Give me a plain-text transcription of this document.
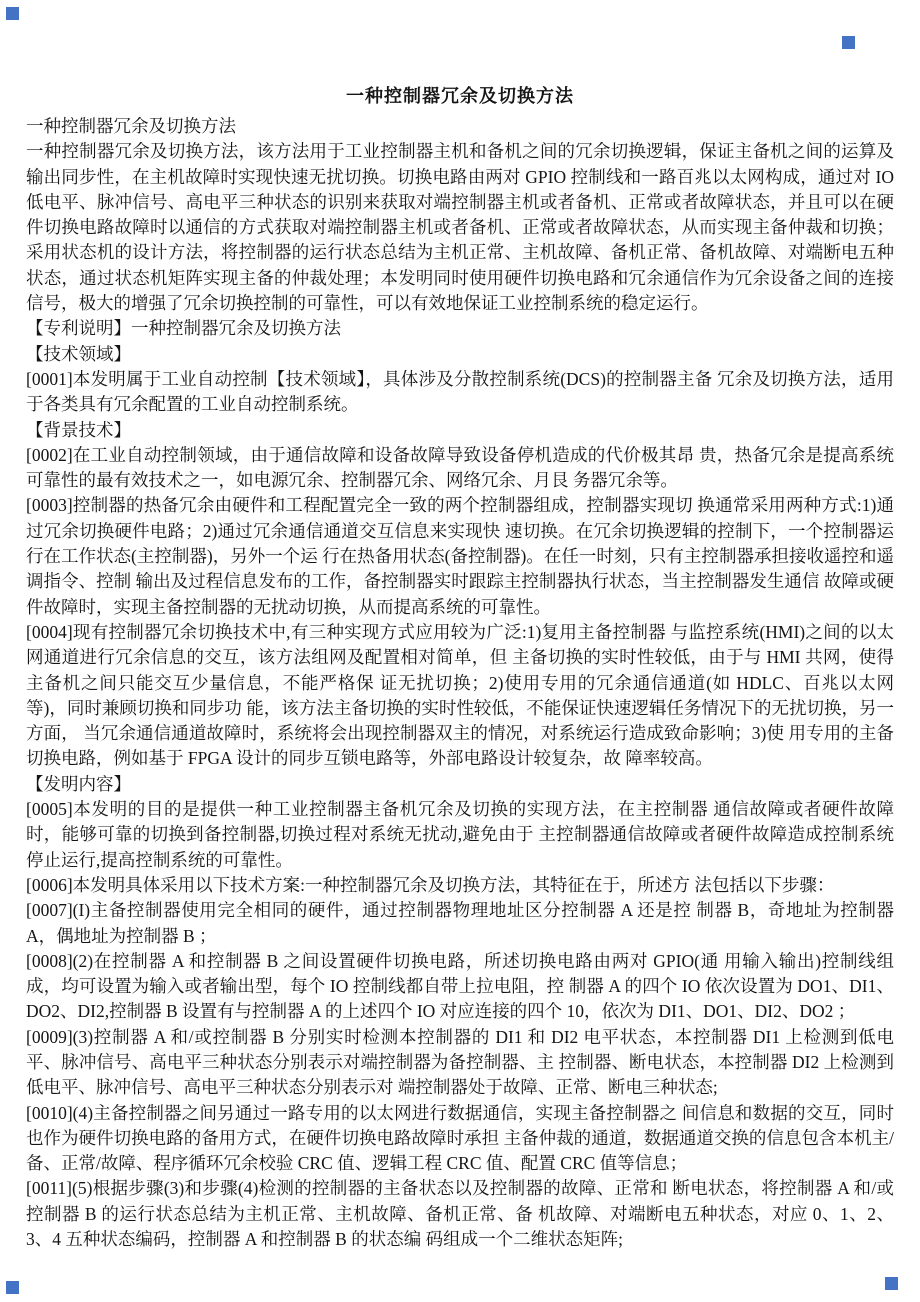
一种控制器冗余及切换方法

一种控制器冗余及切换方法

一种控制器冗余及切换方法，该方法用于工业控制器主机和备机之间的冗余切换逻辑，保证主备机之间的运算及输出同步性，在主机故障时实现快速无扰切换。切换电路由两对 GPIO 控制线和一路百兆以太网构成，通过对 IO 低电平、脉冲信号、高电平三种状态的识别来获取对端控制器主机或者备机、正常或者故障状态，并且可以在硬件切换电路故障时以通信的方式获取对端控制器主机或者备机、正常或者故障状态，从而实现主备仲裁和切换；采用状态机的设计方法，将控制器的运行状态总结为主机正常、主机故障、备机正常、备机故障、对端断电五种状态，通过状态机矩阵实现主备的仲裁处理；本发明同时使用硬件切换电路和冗余通信作为冗余设备之间的连接信号，极大的增强了冗余切换控制的可靠性，可以有效地保证工业控制系统的稳定运行。

【专利说明】一种控制器冗余及切换方法

【技术领域】

[0001]本发明属于工业自动控制【技术领域】，具体涉及分散控制系统(DCS)的控制器主备 冗余及切换方法，适用于各类具有冗余配置的工业自动控制系统。

【背景技术】

[0002]在工业自动控制领域，由于通信故障和设备故障导致设备停机造成的代价极其昂 贵，热备冗余是提高系统可靠性的最有效技术之一，如电源冗余、控制器冗余、网络冗余、月艮 务器冗余等。

[0003]控制器的热备冗余由硬件和工程配置完全一致的两个控制器组成，控制器实现切 换通常采用两种方式:1)通过冗余切换硬件电路；2)通过冗余通信通道交互信息来实现快 速切换。在冗余切换逻辑的控制下，一个控制器运行在工作状态(主控制器)，另外一个运 行在热备用状态(备控制器)。在任一时刻，只有主控制器承担接收遥控和遥调指令、控制 输出及过程信息发布的工作，备控制器实时跟踪主控制器执行状态，当主控制器发生通信 故障或硬件故障时，实现主备控制器的无扰动切换，从而提高系统的可靠性。

[0004]现有控制器冗余切换技术中,有三种实现方式应用较为广泛:1)复用主备控制器 与监控系统(HMI)之间的以太网通道进行冗余信息的交互，该方法组网及配置相对简单，但 主备切换的实时性较低，由于与 HMI 共网，使得主备机之间只能交互少量信息，不能严格保 证无扰切换；2)使用专用的冗余通信通道(如 HDLC、百兆以太网等)，同时兼顾切换和同步功 能，该方法主备切换的实时性较低，不能保证快速逻辑任务情况下的无扰切换，另一方面， 当冗余通信通道故障时，系统将会出现控制器双主的情况，对系统运行造成致命影响；3)使 用专用的主备切换电路，例如基于 FPGA 设计的同步互锁电路等，外部电路设计较复杂，故 障率较高。

【发明内容】

[0005]本发明的目的是提供一种工业控制器主备机冗余及切换的实现方法，在主控制器 通信故障或者硬件故障时，能够可靠的切换到备控制器,切换过程对系统无扰动,避免由于 主控制器通信故障或者硬件故障造成控制系统停止运行,提高控制系统的可靠性。

[0006]本发明具体采用以下技术方案:一种控制器冗余及切换方法，其特征在于，所述方 法包括以下步骤：

[0007](I)主备控制器使用完全相同的硬件，通过控制器物理地址区分控制器 A 还是控 制器 B，奇地址为控制器 A，偶地址为控制器 B ；

[0008](2)在控制器 A 和控制器 B 之间设置硬件切换电路，所述切换电路由两对 GPIO(通 用输入输出)控制线组成，均可设置为输入或者输出型，每个 IO 控制线都自带上拉电阻，控 制器 A 的四个 IO 依次设置为 DO1、DI1、DO2、DI2,控制器 B 设置有与控制器 A 的上述四个 IO 对应连接的四个 10，依次为 DI1、DO1、DI2、DO2 ；

[0009](3)控制器 A 和/或控制器 B 分别实时检测本控制器的 DI1 和 DI2 电平状态，本控制器 DI1 上检测到低电平、脉冲信号、高电平三种状态分别表示对端控制器为备控制器、主 控制器、断电状态，本控制器 DI2 上检测到低电平、脉冲信号、高电平三种状态分别表示对 端控制器处于故障、正常、断电三种状态;

[0010](4)主备控制器之间另通过一路专用的以太网进行数据通信，实现主备控制器之 间信息和数据的交互，同时也作为硬件切换电路的备用方式，在硬件切换电路故障时承担 主备仲裁的通道，数据通道交换的信息包含本机主/备、正常/故障、程序循环冗余校验 CRC 值、逻辑工程 CRC 值、配置 CRC 值等信息；

[0011](5)根据步骤(3)和步骤(4)检测的控制器的主备状态以及控制器的故障、正常和 断电状态，将控制器 A 和/或控制器 B 的运行状态总结为主机正常、主机故障、备机正常、备 机故障、对端断电五种状态，对应 0、1、2、3、4 五种状态编码，控制器 A 和控制器 B 的状态编 码组成一个二维状态矩阵;
